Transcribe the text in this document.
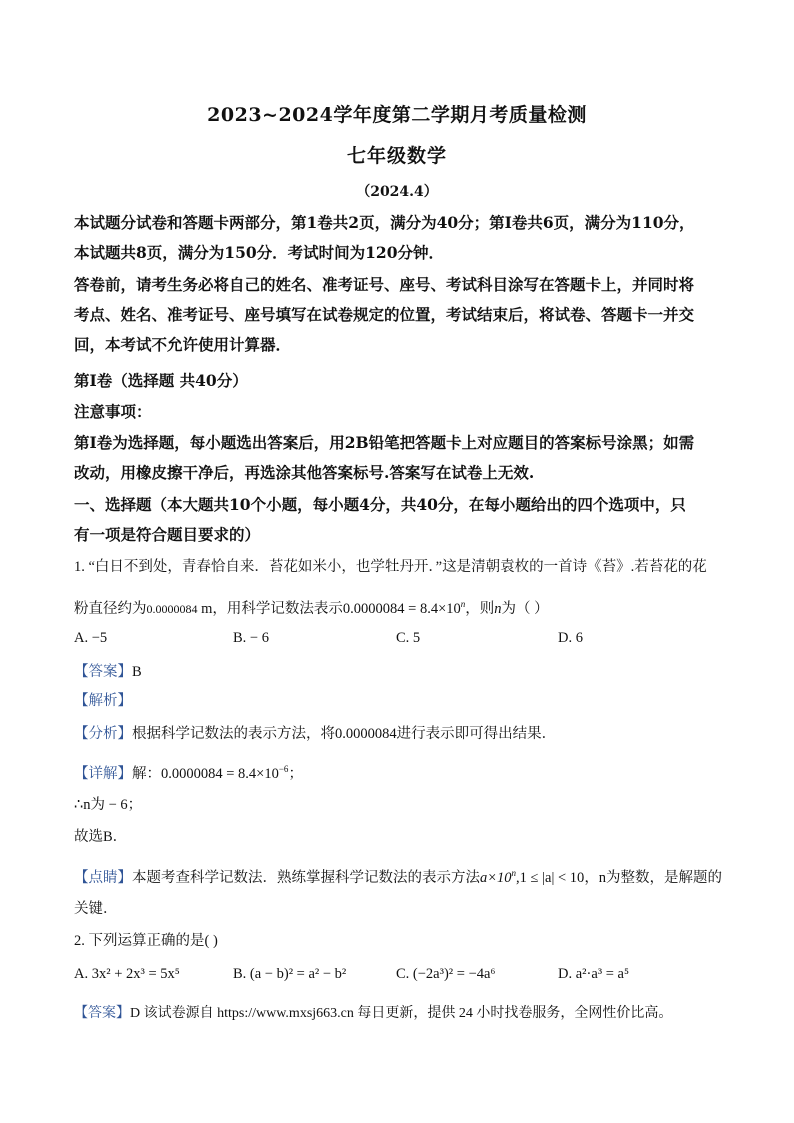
2023~2024学年度第二学期月考质量检测
七年级数学
（2024.4）
本试题分试卷和答题卡两部分，第1卷共2页，满分为40分；第Ⅰ卷共6页，满分为110分，
本试题共8页，满分为150分．考试时间为120分钟．
答卷前，请考生务必将自己的姓名、准考证号、座号、考试科目涂写在答题卡上，并同时将
考点、姓名、准考证号、座号填写在试卷规定的位置，考试结束后，将试卷、答题卡一并交
回，本考试不允许使用计算器．
第Ⅰ卷（选择题 共40分）
注意事项：
第Ⅰ卷为选择题，每小题选出答案后，用2B铅笔把答题卡上对应题目的答案标号涂黑；如需
改动，用橡皮擦干净后，再选涂其他答案标号.答案写在试卷上无效.
一、选择题（本大题共10个小题，每小题4分，共40分，在每小题给出的四个选项中，只
有一项是符合题目要求的）
1. “白日不到处，青春恰自来．苔花如米小，也学牡丹开．”这是清朝袁枚的一首诗《苔》.若苔花的花
粉直径约为0.0000084 m，用科学记数法表示$0.0000084 = 8.4\times 10^n$，则n为（ ）
A. −5	B. − 6	C. 5	D. 6
【答案】B
【解析】
【分析】根据科学记数法的表示方法，将0.0000084进行表示即可得出结果．
【详解】解：$0.0000084 = 8.4\times 10^{-6}$；
∴n为 − 6；
故选B．
【点睛】本题考查科学记数法．熟练掌握科学记数法的表示方法$a\times 10^n,1 \le |a| < 10$，n为整数，是解题的
关键．
2. 下列运算正确的是( )
A. 3x² + 2x³ = 5x⁵	B. (a − b)² = a² − b²	C. (−2a³)² = −4a⁶	D. a²·a³ = a⁵
【答案】D 该试卷源自 https://www.mxsj663.cn 每日更新，提供 24 小时找卷服务，全网性价比高。
